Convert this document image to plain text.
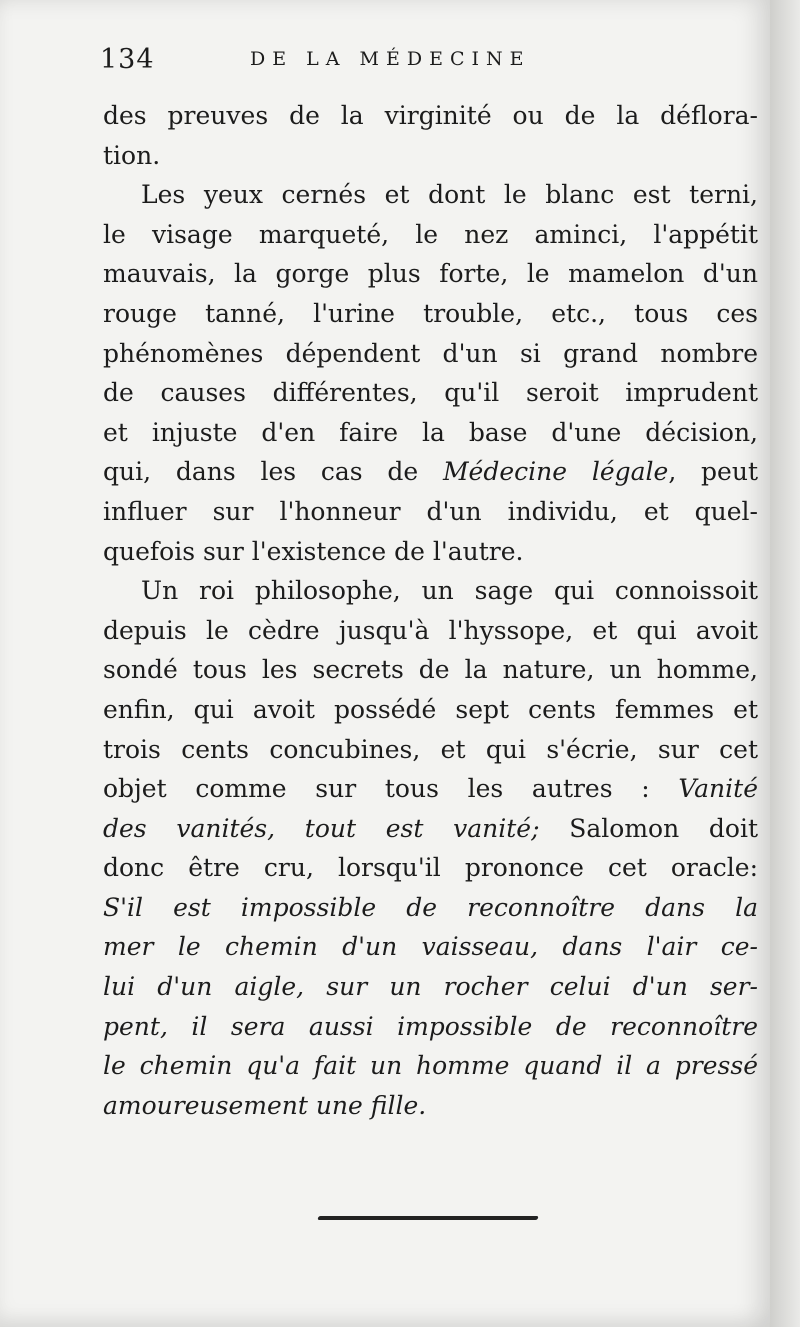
134	DE LA MÉDECINE
des preuves de la virginité ou de la déflora-
tion.
Les yeux cernés et dont le blanc est terni,
le visage marqueté, le nez aminci, l'appétit
mauvais, la gorge plus forte, le mamelon d'un
rouge tanné, l'urine trouble, etc., tous ces
phénomènes dépendent d'un si grand nombre
de causes différentes, qu'il seroit imprudent
et injuste d'en faire la base d'une décision,
qui, dans les cas de Médecine légale, peut
influer sur l'honneur d'un individu, et quel-
quefois sur l'existence de l'autre.
Un roi philosophe, un sage qui connoissoit
depuis le cèdre jusqu'à l'hyssope, et qui avoit
sondé tous les secrets de la nature, un homme,
enfin, qui avoit possédé sept cents femmes et
trois cents concubines, et qui s'écrie, sur cet
objet comme sur tous les autres : Vanité
des vanités, tout est vanité; Salomon doit
donc être cru, lorsqu'il prononce cet oracle:
S'il est impossible de reconnoître dans la
mer le chemin d'un vaisseau, dans l'air ce-
lui d'un aigle, sur un rocher celui d'un ser-
pent, il sera aussi impossible de reconnoître
le chemin qu'a fait un homme quand il a pressé
amoureusement une fille.
